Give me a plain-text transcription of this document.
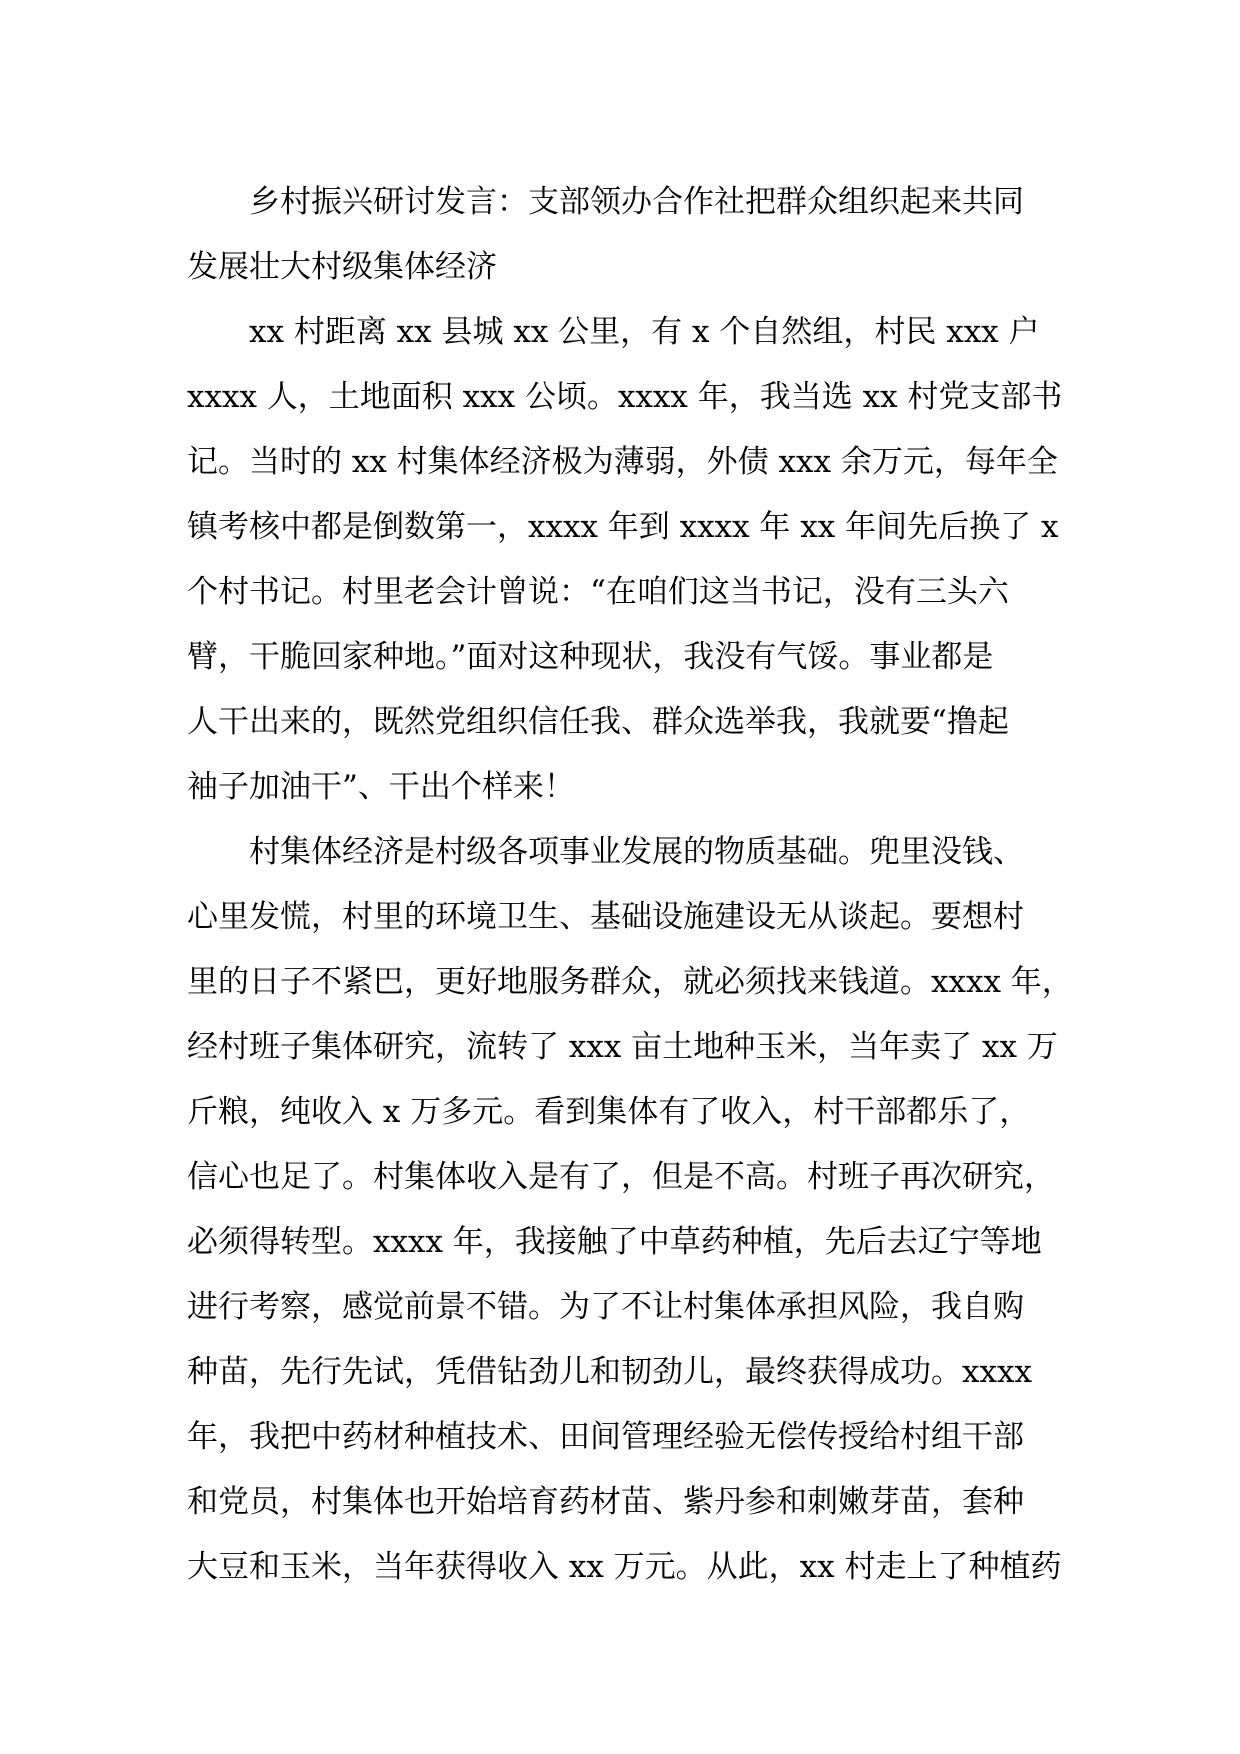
乡村振兴研讨发言：支部领办合作社把群众组织起来共同
发展壮大村级集体经济

xx 村距离 xx 县城 xx 公里，有 x 个自然组，村民 xxx 户
xxxx 人，土地面积 xxx 公顷。xxxx 年，我当选 xx 村党支部书
记。当时的 xx 村集体经济极为薄弱，外债 xxx 余万元，每年全
镇考核中都是倒数第一，xxxx 年到 xxxx 年 xx 年间先后换了 x
个村书记。村里老会计曾说：“在咱们这当书记，没有三头六
臂，干脆回家种地。”面对这种现状，我没有气馁。事业都是
人干出来的，既然党组织信任我、群众选举我，我就要“撸起
袖子加油干”、干出个样来！

村集体经济是村级各项事业发展的物质基础。兜里没钱、
心里发慌，村里的环境卫生、基础设施建设无从谈起。要想村
里的日子不紧巴，更好地服务群众，就必须找来钱道。xxxx 年，
经村班子集体研究，流转了 xxx 亩土地种玉米，当年卖了 xx 万
斤粮，纯收入 x 万多元。看到集体有了收入，村干部都乐了，
信心也足了。村集体收入是有了，但是不高。村班子再次研究，
必须得转型。xxxx 年，我接触了中草药种植，先后去辽宁等地
进行考察，感觉前景不错。为了不让村集体承担风险，我自购
种苗，先行先试，凭借钻劲儿和韧劲儿，最终获得成功。xxxx
年，我把中药材种植技术、田间管理经验无偿传授给村组干部
和党员，村集体也开始培育药材苗、紫丹参和刺嫩芽苗，套种
大豆和玉米，当年获得收入 xx 万元。从此，xx 村走上了种植药
